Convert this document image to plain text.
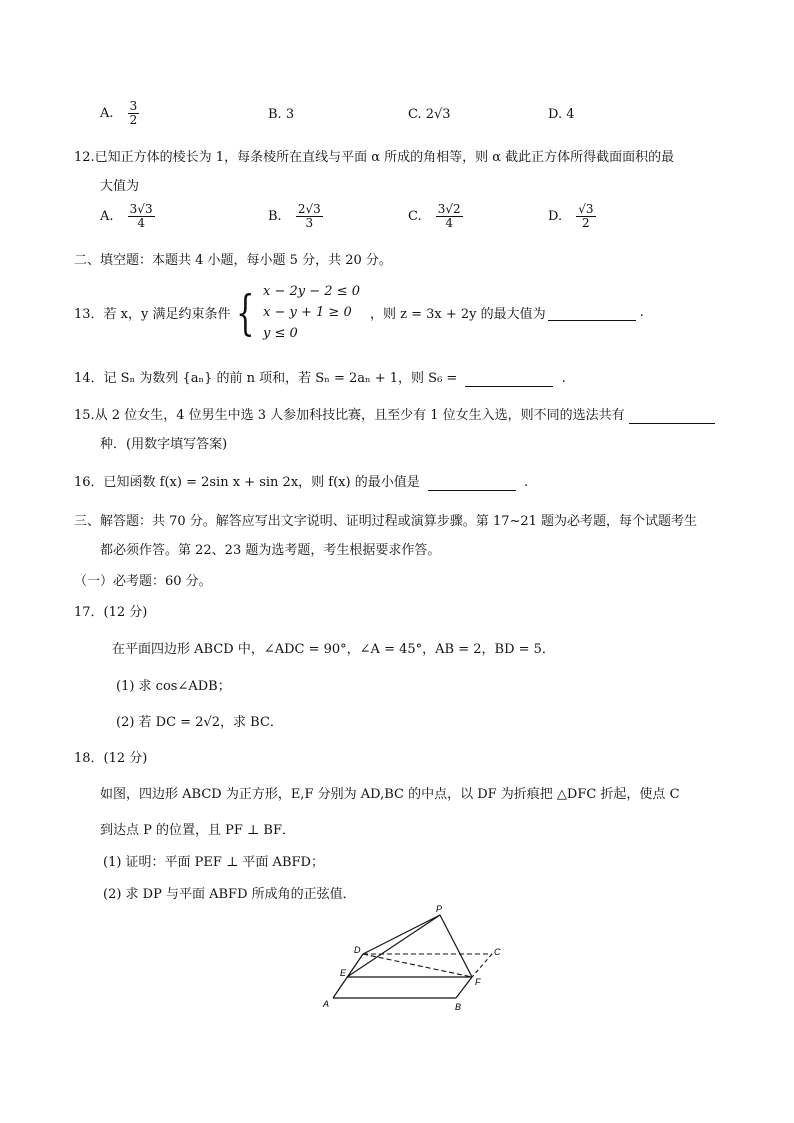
A. $\frac{3}{2}$	B. 3	C. 2√3	D. 4
12.已知正方体的棱长为 1，每条棱所在直线与平面 α 所成的角相等，则 α 截此正方体所得截面面积的最
大值为
A. $\frac{3√3}{4}$	B. $\frac{2√3}{3}$	C. $\frac{3√2}{4}$	D. $\frac{√3}{2}$
二、填空题：本题共 4 小题，每小题 5 分，共 20 分。
13．若 x，y 满足约束条件 { x − 2y − 2 ≤ 0
x − y + 1 ≥ 0
y ≤ 0
，则 z = 3x + 2y 的最大值为
	.
14．记 Sₙ 为数列 {aₙ} 的前 n 项和，若 Sₙ = 2aₙ + 1，则 S₆ =	.
15.从 2 位女生，4 位男生中选 3 人参加科技比赛，且至少有 1 位女生入选，则不同的选法共有
种．(用数字填写答案)
16．已知函数 f(x) = 2sin x + sin 2x，则 f(x) 的最小值是	.
三、解答题：共 70 分。解答应写出文字说明、证明过程或演算步骤。第 17~21 题为必考题，每个试题考生
都必须作答。第 22、23 题为选考题，考生根据要求作答。
（一）必考题：60 分。
17．(12 分)
在平面四边形 ABCD 中，∠ADC = 90°，∠A = 45°，AB = 2，BD = 5．
(1) 求 cos∠ADB；
(2) 若 DC = 2√2，求 BC．
18．(12 分)
如图，四边形 ABCD 为正方形，E,F 分别为 AD,BC 的中点，以 DF 为折痕把 △DFC 折起，使点 C
到达点 P 的位置，且 PF ⊥ BF．
(1) 证明：平面 PEF ⊥ 平面 ABFD；
(2) 求 DP 与平面 ABFD 所成角的正弦值．
P
D	C
E
F
A	B
